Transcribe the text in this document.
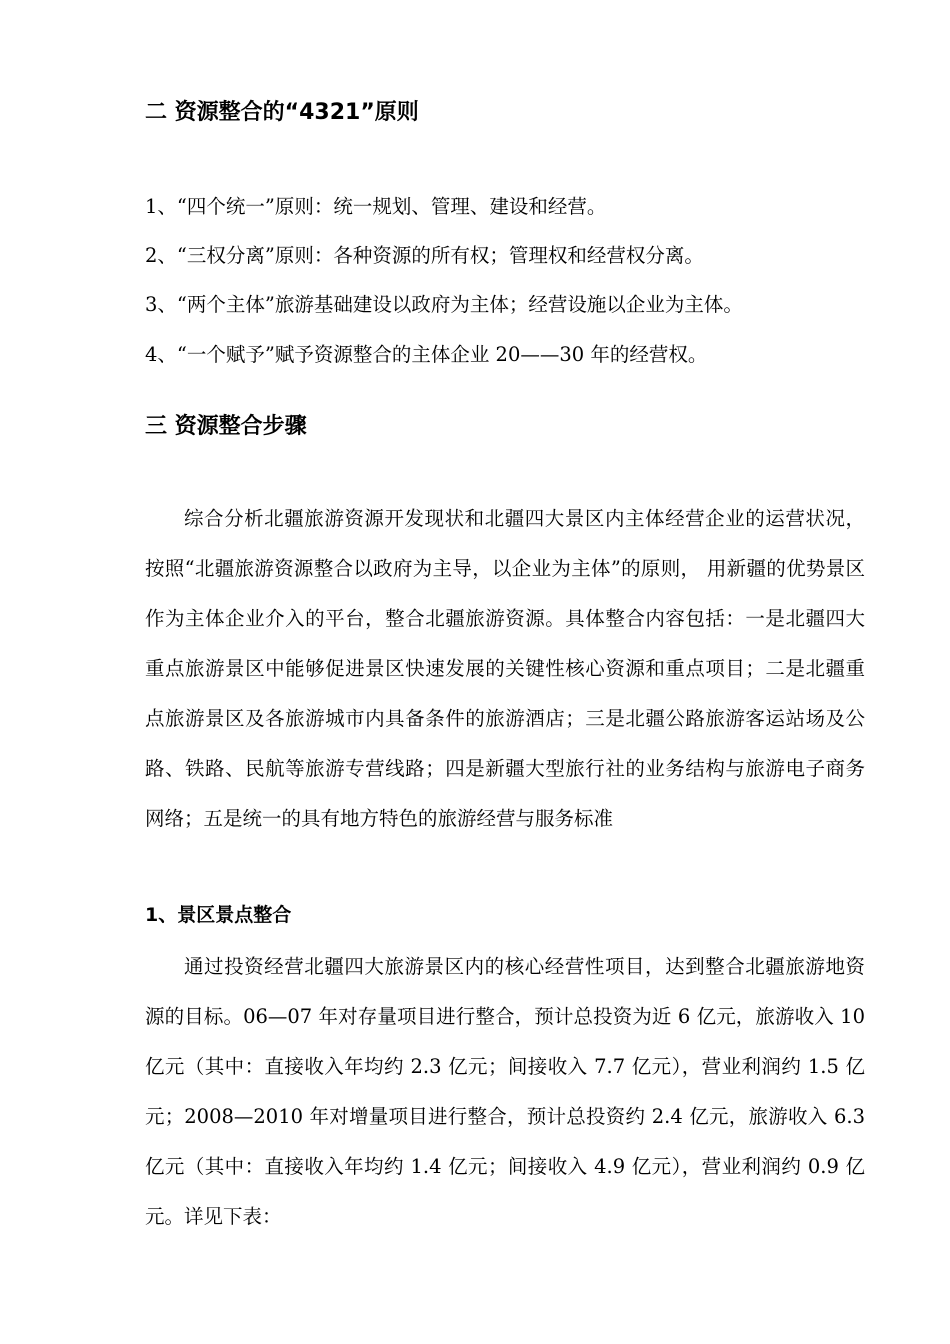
二 资源整合的“4321”原则
1、“四个统一”原则：统一规划、管理、建设和经营。
2、“三权分离”原则：各种资源的所有权；管理权和经营权分离。
3、“两个主体”旅游基础建设以政府为主体；经营设施以企业为主体。
4、“一个赋予”赋予资源整合的主体企业 20——30 年的经营权。
三 资源整合步骤

综合分析北疆旅游资源开发现状和北疆四大景区内主体经营企业的运营状况，按照“北疆旅游资源整合以政府为主导，以企业为主体”的原则， 用新疆的优势景区作为主体企业介入的平台，整合北疆旅游资源。具体整合内容包括：一是北疆四大重点旅游景区中能够促进景区快速发展的关键性核心资源和重点项目；二是北疆重点旅游景区及各旅游城市内具备条件的旅游酒店；三是北疆公路旅游客运站场及公路、铁路、民航等旅游专营线路；四是新疆大型旅行社的业务结构与旅游电子商务网络；五是统一的具有地方特色的旅游经营与服务标准

1、景区景点整合

通过投资经营北疆四大旅游景区内的核心经营性项目，达到整合北疆旅游地资源的目标。06—07 年对存量项目进行整合，预计总投资为近 6 亿元，旅游收入 10 亿元（其中：直接收入年均约 2.3 亿元；间接收入 7.7 亿元），营业利润约 1.5 亿元；2008—2010 年对增量项目进行整合，预计总投资约 2.4 亿元，旅游收入 6.3 亿元（其中：直接收入年均约 1.4 亿元；间接收入 4.9 亿元），营业利润约 0.9 亿元。详见下表：
